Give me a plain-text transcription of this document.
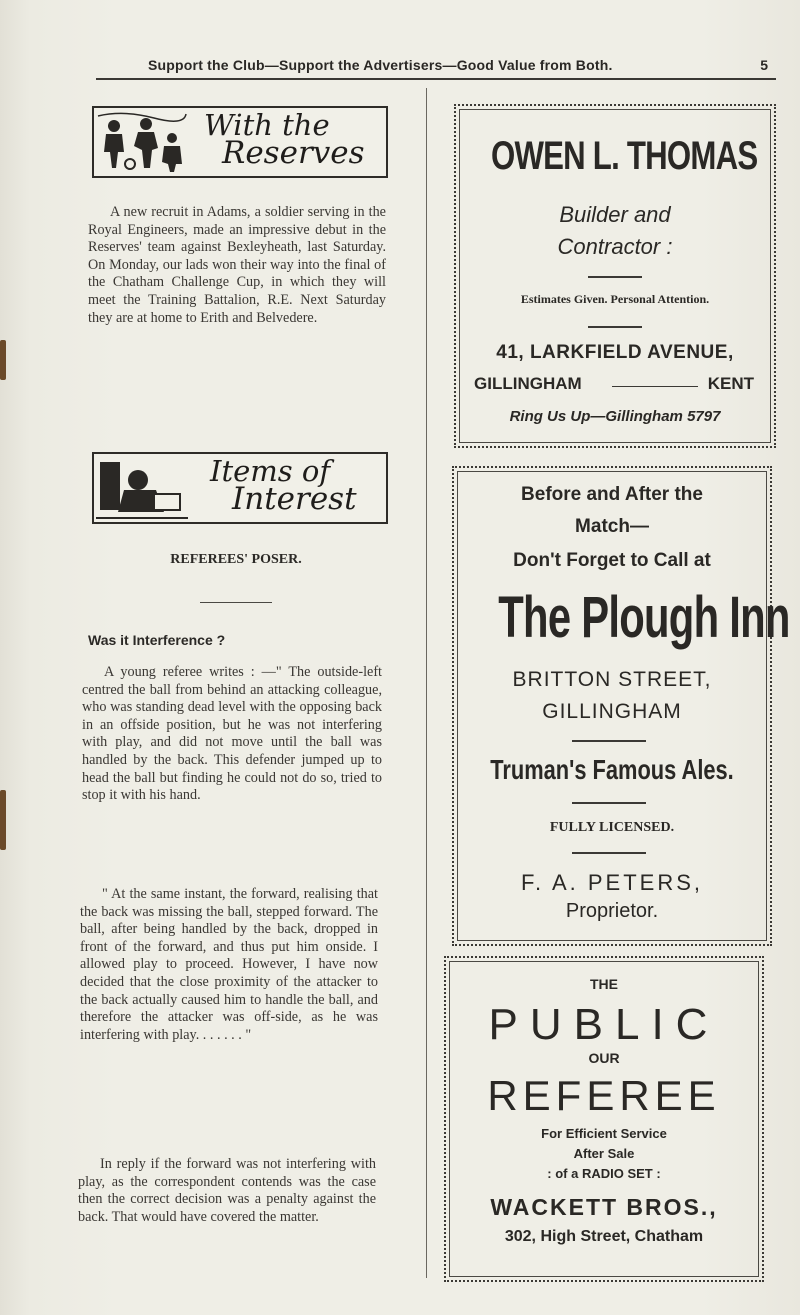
Support the Club—Support the Advertisers—Good Value from Both.	5
With the
Reserves

A new recruit in Adams, a soldier serving in the Royal Engineers, made an impressive debut in the Reserves' team against Bexleyheath, last Saturday. On Monday, our lads won their way into the final of the Chatham Challenge Cup, in which they will meet the Training Battalion, R.E. Next Saturday they are at home to Erith and Belvedere.

Items of
Interest
REFEREES' POSER.
Was it Interference ?

A young referee writes : —" The outside-left centred the ball from behind an attacking colleague, who was standing dead level with the opposing back in an offside position, but he was not interfering with play, and did not move until the ball was handled by the back. This defender jumped up to head the ball but finding he could not do so, tried to stop it with his hand.

" At the same instant, the forward, realising that the back was missing the ball, stepped forward. The ball, after being handled by the back, dropped in front of the forward, and thus put him onside. I allowed play to proceed. However, I have now decided that the close proximity of the attacker to the back actually caused him to handle the ball, and therefore the attacker was off-side, as he was interfering with play. . . . . . . "

In reply if the forward was not interfering with play, as the correspondent contends was the case then the correct decision was a penalty against the back. That would have covered the matter.

OWEN L. THOMAS
Builder and
Contractor :
Estimates Given. Personal Attention.
41, LARKFIELD AVENUE,
GILLINGHAM	KENT
Ring Us Up—Gillingham 5797
Before and After the
Match—
Don't Forget to Call at
The Plough Inn
BRITTON STREET,
GILLINGHAM
Truman's Famous Ales.
FULLY LICENSED.
F. A. PETERS,
Proprietor.
THE
PUBLIC
OUR
REFEREE
For Efficient Service
After Sale
: of a RADIO SET :
WACKETT BROS.,
302, High Street, Chatham
